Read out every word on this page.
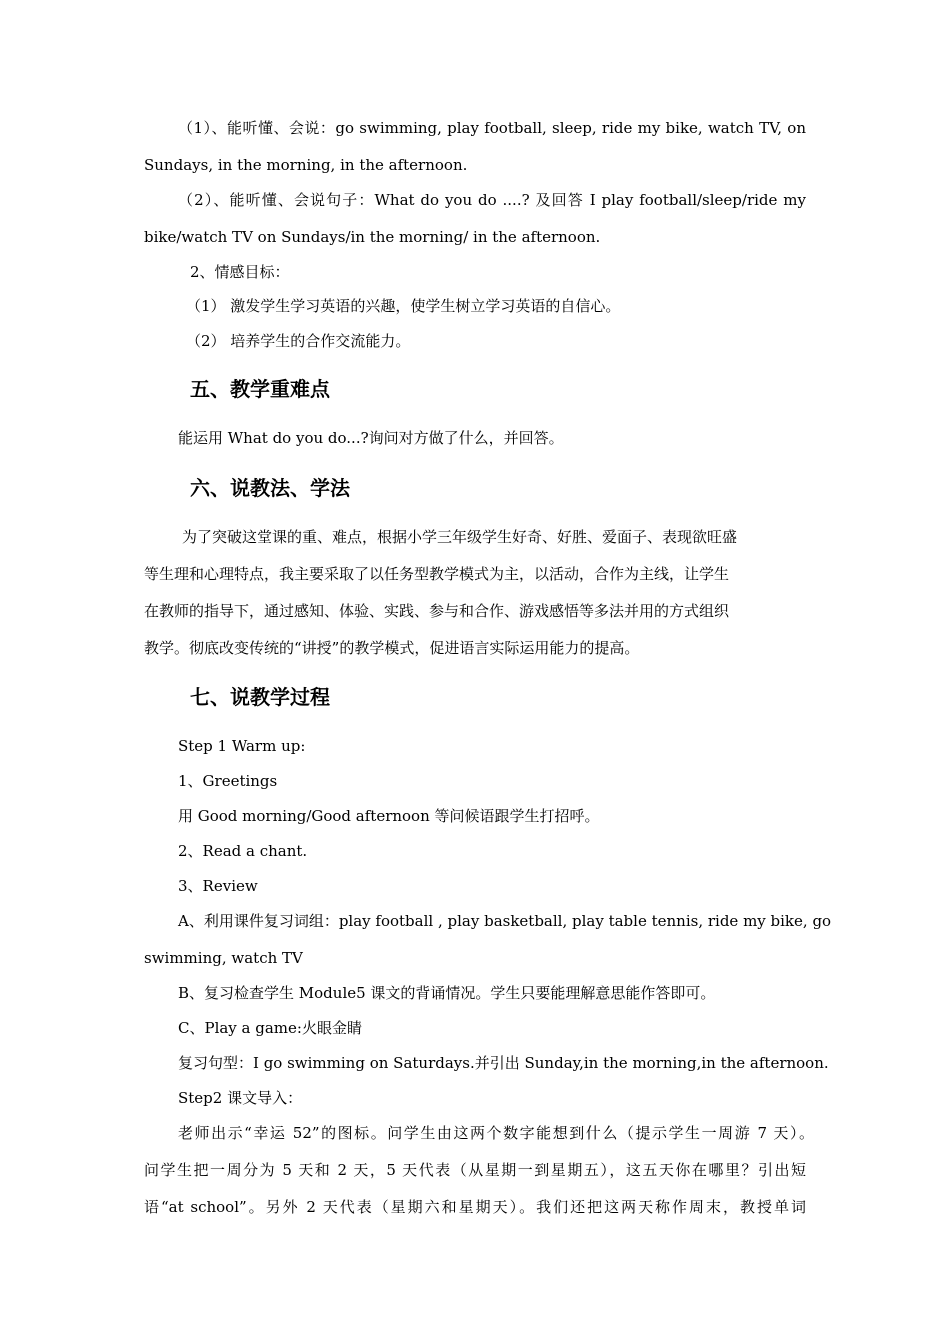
（1）、能听懂、会说：go swimming, play football, sleep, ride my bike, watch TV, on
Sundays, in the morning, in the afternoon.
（2）、能听懂、会说句子：What do you do ....? 及回答 I play football/sleep/ride my
bike/watch TV on Sundays/in the morning/ in the afternoon.
2、情感目标：
（1） 激发学生学习英语的兴趣，使学生树立学习英语的自信心。
（2） 培养学生的合作交流能力。
五、教学重难点
能运用 What do you do...?询问对方做了什么，并回答。
六、说教法、学法
为了突破这堂课的重、难点，根据小学三年级学生好奇、好胜、爱面子、表现欲旺盛
等生理和心理特点，我主要采取了以任务型教学模式为主，以活动，合作为主线，让学生
在教师的指导下，通过感知、体验、实践、参与和合作、游戏感悟等多法并用的方式组织
教学。彻底改变传统的“讲授”的教学模式，促进语言实际运用能力的提高。
七、说教学过程
Step 1 Warm up:
1、Greetings
用 Good morning/Good afternoon 等问候语跟学生打招呼。
2、Read a chant.
3、Review
A、利用课件复习词组：play football , play basketball, play table tennis, ride my bike, go
swimming, watch TV
B、复习检查学生 Module5 课文的背诵情况。学生只要能理解意思能作答即可。
C、Play a game:火眼金睛
复习句型：I go swimming on Saturdays.并引出 Sunday,in the morning,in the afternoon.
Step2 课文导入：
老师出示“幸运 52”的图标。问学生由这两个数字能想到什么（提示学生一周游 7 天）。
问学生把一周分为 5 天和 2 天，5 天代表（从星期一到星期五），这五天你在哪里？引出短
语“at school”。另外 2 天代表（星期六和星期天）。我们还把这两天称作周末，教授单词
